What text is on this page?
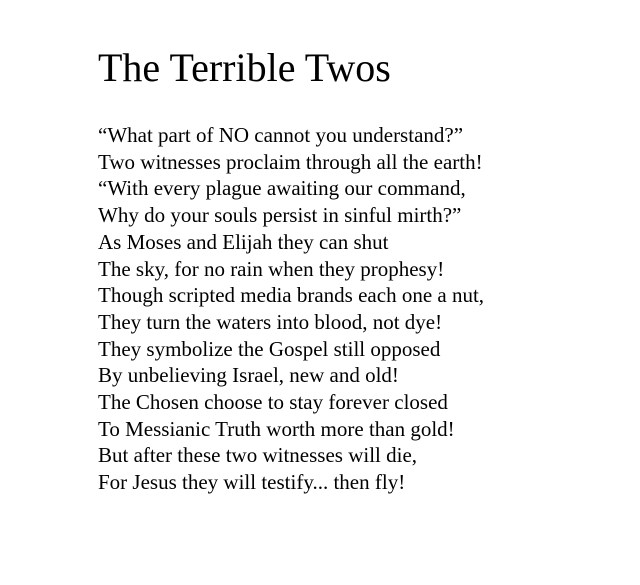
The Terrible Twos
“What part of NO cannot you understand?”
Two witnesses proclaim through all the earth!
“With every plague awaiting our command,
Why do your souls persist in sinful mirth?”
As Moses and Elijah they can shut
The sky, for no rain when they prophesy!
Though scripted media brands each one a nut,
They turn the waters into blood, not dye!
They symbolize the Gospel still opposed
By unbelieving Israel, new and old!
The Chosen choose to stay forever closed
To Messianic Truth worth more than gold!
But after these two witnesses will die,
For Jesus they will testify... then fly!
